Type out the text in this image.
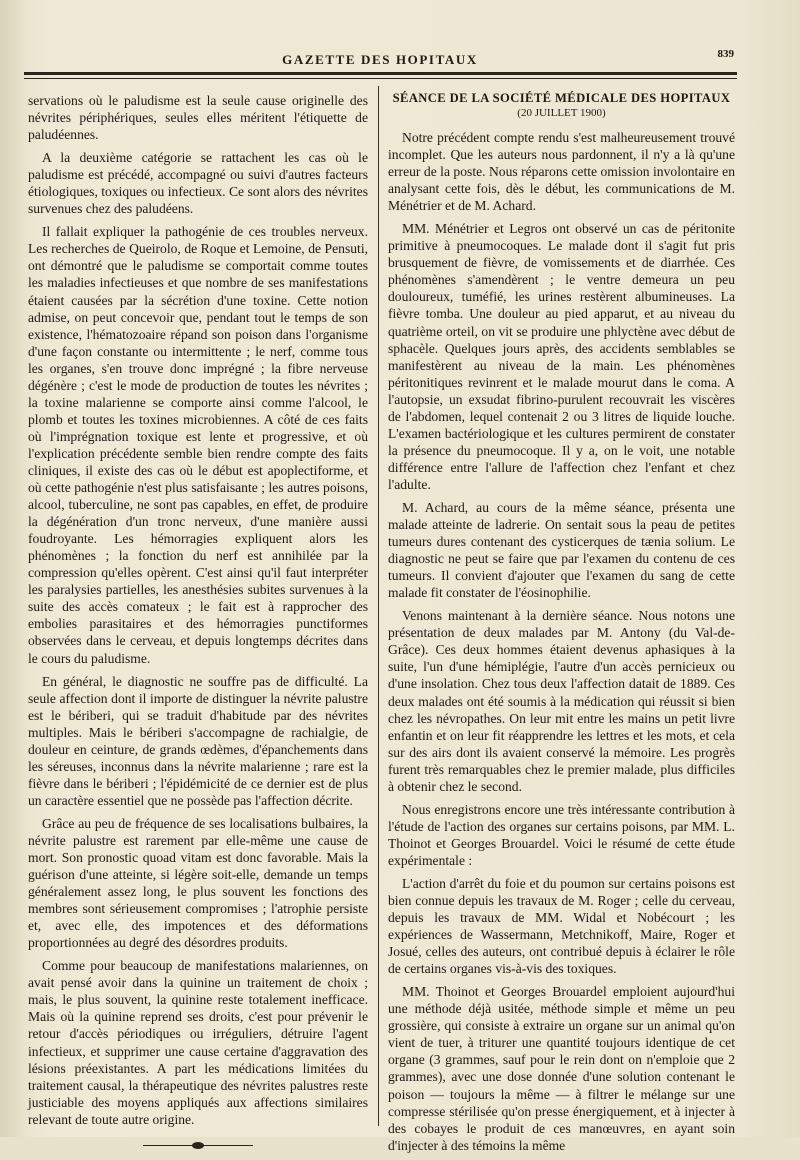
GAZETTE DES HOPITAUX	839

servations où le paludisme est la seule cause originelle des névrites périphériques, seules elles méritent l'étiquette de paludéennes.

A la deuxième catégorie se rattachent les cas où le paludisme est précédé, accompagné ou suivi d'autres facteurs étiologiques, toxiques ou infectieux. Ce sont alors des névrites survenues chez des paludéens.

Il fallait expliquer la pathogénie de ces troubles nerveux. Les recherches de Queirolo, de Roque et Lemoine, de Pensuti, ont démontré que le paludisme se comportait comme toutes les maladies infectieuses et que nombre de ses manifestations étaient causées par la sécrétion d'une toxine. Cette notion admise, on peut concevoir que, pendant tout le temps de son existence, l'hématozoaire répand son poison dans l'organisme d'une façon constante ou intermittente ; le nerf, comme tous les organes, s'en trouve donc imprégné ; la fibre nerveuse dégénère ; c'est le mode de production de toutes les névrites ; la toxine malarienne se comporte ainsi comme l'alcool, le plomb et toutes les toxines microbiennes. A côté de ces faits où l'imprégnation toxique est lente et progressive, et où l'explication précédente semble bien rendre compte des faits cliniques, il existe des cas où le début est apoplectiforme, et où cette pathogénie n'est plus satisfaisante ; les autres poisons, alcool, tuberculine, ne sont pas capables, en effet, de produire la dégénération d'un tronc nerveux, d'une manière aussi foudroyante. Les hémorragies expliquent alors les phénomènes ; la fonction du nerf est annihilée par la compression qu'elles opèrent. C'est ainsi qu'il faut interpréter les paralysies partielles, les anesthésies subites survenues à la suite des accès comateux ; le fait est à rapprocher des embolies parasitaires et des hémorragies punctiformes observées dans le cerveau, et depuis longtemps décrites dans le cours du paludisme.

En général, le diagnostic ne souffre pas de difficulté. La seule affection dont il importe de distinguer la névrite palustre est le bériberi, qui se traduit d'habitude par des névrites multiples. Mais le bériberi s'accompagne de rachialgie, de douleur en ceinture, de grands œdèmes, d'épanchements dans les séreuses, inconnus dans la névrite malarienne ; rare est la fièvre dans le bériberi ; l'épidémicité de ce dernier est de plus un caractère essentiel que ne possède pas l'affection décrite.

Grâce au peu de fréquence de ses localisations bulbaires, la névrite palustre est rarement par elle-même une cause de mort. Son pronostic quoad vitam est donc favorable. Mais la guérison d'une atteinte, si légère soit-elle, demande un temps généralement assez long, le plus souvent les fonctions des membres sont sérieusement compromises ; l'atrophie persiste et, avec elle, des impotences et des déformations proportionnées au degré des désordres produits.

Comme pour beaucoup de manifestations malariennes, on avait pensé avoir dans la quinine un traitement de choix ; mais, le plus souvent, la quinine reste totalement inefficace. Mais où la quinine reprend ses droits, c'est pour prévenir le retour d'accès périodiques ou irréguliers, détruire l'agent infectieux, et supprimer une cause certaine d'aggravation des lésions préexistantes. A part les médications limitées du traitement causal, la thérapeutique des névrites palustres reste justiciable des moyens appliqués aux affections similaires relevant de toute autre origine.

SÉANCE DE LA SOCIÉTÉ MÉDICALE DES HOPITAUX
(20 JUILLET 1900)

Notre précédent compte rendu s'est malheureusement trouvé incomplet. Que les auteurs nous pardonnent, il n'y a là qu'une erreur de la poste. Nous réparons cette omission involontaire en analysant cette fois, dès le début, les communications de M. Ménétrier et de M. Achard.

MM. Ménétrier et Legros ont observé un cas de péritonite primitive à pneumocoques. Le malade dont il s'agit fut pris brusquement de fièvre, de vomissements et de diarrhée. Ces phénomènes s'amendèrent ; le ventre demeura un peu douloureux, tuméfié, les urines restèrent albumineuses. La fièvre tomba. Une douleur au pied apparut, et au niveau du quatrième orteil, on vit se produire une phlyctène avec début de sphacèle. Quelques jours après, des accidents semblables se manifestèrent au niveau de la main. Les phénomènes péritonitiques revinrent et le malade mourut dans le coma. A l'autopsie, un exsudat fibrino-purulent recouvrait les viscères de l'abdomen, lequel contenait 2 ou 3 litres de liquide louche. L'examen bactériologique et les cultures permirent de constater la présence du pneumocoque. Il y a, on le voit, une notable différence entre l'allure de l'affection chez l'enfant et chez l'adulte.

M. Achard, au cours de la même séance, présenta une malade atteinte de ladrerie. On sentait sous la peau de petites tumeurs dures contenant des cysticerques de tænia solium. Le diagnostic ne peut se faire que par l'examen du contenu de ces tumeurs. Il convient d'ajouter que l'examen du sang de cette malade fit constater de l'éosinophilie.

Venons maintenant à la dernière séance. Nous notons une présentation de deux malades par M. Antony (du Val-de-Grâce). Ces deux hommes étaient devenus aphasiques à la suite, l'un d'une hémiplégie, l'autre d'un accès pernicieux ou d'une insolation. Chez tous deux l'affection datait de 1889. Ces deux malades ont été soumis à la médication qui réussit si bien chez les névropathes. On leur mit entre les mains un petit livre enfantin et on leur fit réapprendre les lettres et les mots, et cela sur des airs dont ils avaient conservé la mémoire. Les progrès furent très remarquables chez le premier malade, plus difficiles à obtenir chez le second.

Nous enregistrons encore une très intéressante contribution à l'étude de l'action des organes sur certains poisons, par MM. L. Thoinot et Georges Brouardel. Voici le résumé de cette étude expérimentale :

L'action d'arrêt du foie et du poumon sur certains poisons est bien connue depuis les travaux de M. Roger ; celle du cerveau, depuis les travaux de MM. Widal et Nobécourt ; les expériences de Wassermann, Metchnikoff, Maire, Roger et Josué, celles des auteurs, ont contribué depuis à éclairer le rôle de certains organes vis-à-vis des toxiques.

MM. Thoinot et Georges Brouardel emploient aujourd'hui une méthode déjà usitée, méthode simple et même un peu grossière, qui consiste à extraire un organe sur un animal qu'on vient de tuer, à triturer une quantité toujours identique de cet organe (3 grammes, sauf pour le rein dont on n'emploie que 2 grammes), avec une dose donnée d'une solution contenant le poison — toujours la même — à filtrer le mélange sur une compresse stérilisée qu'on presse énergiquement, et à injecter à des cobayes le produit de ces manœuvres, en ayant soin d'injecter à des témoins la même
